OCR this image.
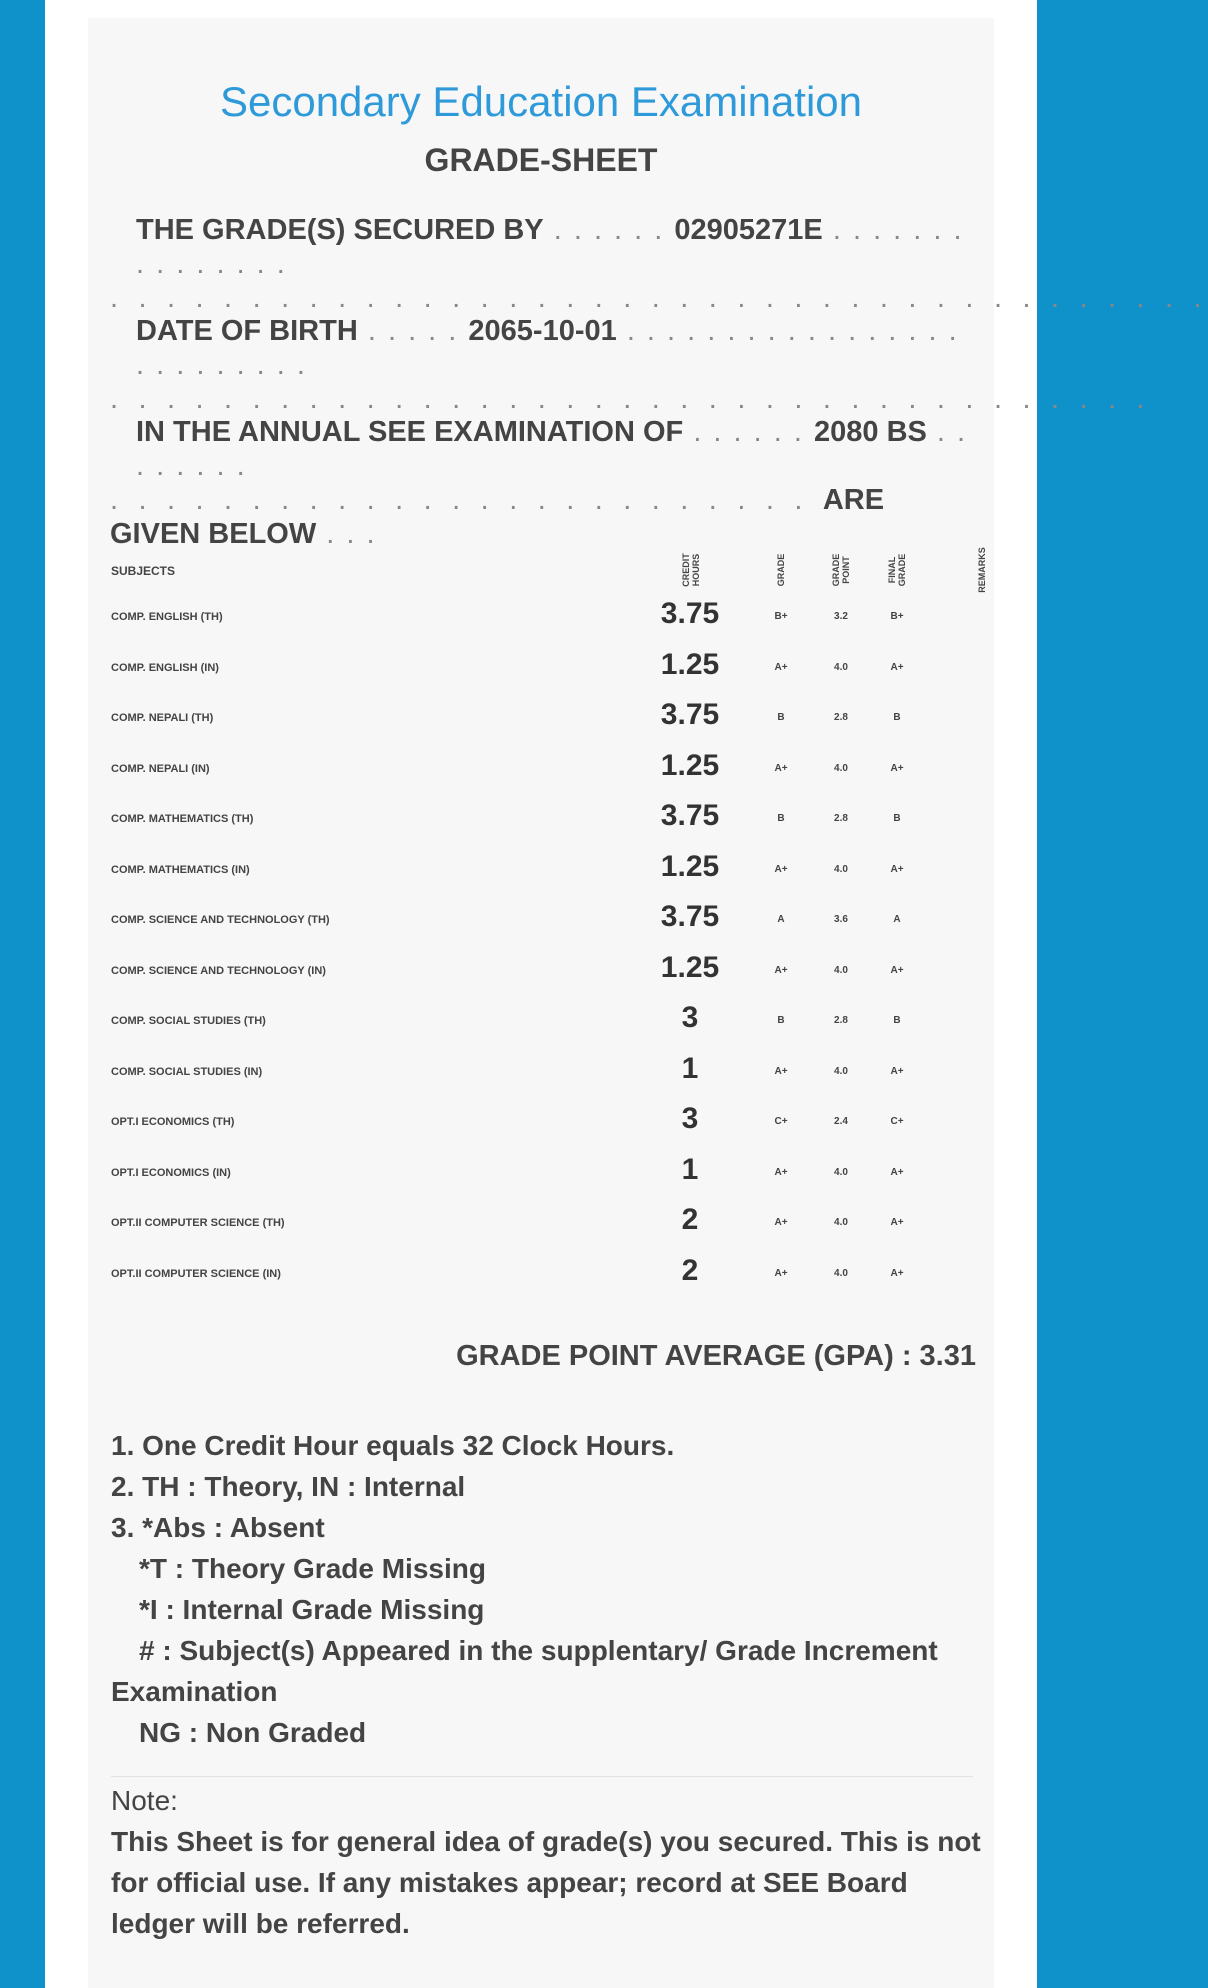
Secondary Education Examination
GRADE-SHEET
THE GRADE(S) SECURED BY . . . . . . 02905271E . . . . . . . . . . . . . . .
. . . . . . . . . . . . . . . . . . . . . . . . . . . . . . . . . . . . . . .
DATE OF BIRTH . . . . . 2065-10-01 . . . . . . . . . . . . . . . . . . . . . . . . . .
. . . . . . . . . . . . . . . . . . . . . . . . . . . . . . . . . . . . .
IN THE ANNUAL SEE EXAMINATION OF . . . . . . 2080 BS . . . . . . . .
. . . . . . . . . . . . . . . . . . . . . . . . . ARE GIVEN BELOW . . .
SUBJECTS	CREDIT HOURS	GRADE	GRADE POINT	FINAL GRADE	REMARKS
COMP. ENGLISH (TH)	3.75	B+	3.2	B+
COMP. ENGLISH (IN)	1.25	A+	4.0	A+
COMP. NEPALI (TH)	3.75	B	2.8	B
COMP. NEPALI (IN)	1.25	A+	4.0	A+
COMP. MATHEMATICS (TH)	3.75	B	2.8	B
COMP. MATHEMATICS (IN)	1.25	A+	4.0	A+
COMP. SCIENCE AND TECHNOLOGY (TH)	3.75	A	3.6	A
COMP. SCIENCE AND TECHNOLOGY (IN)	1.25	A+	4.0	A+
COMP. SOCIAL STUDIES (TH)	3	B	2.8	B
COMP. SOCIAL STUDIES (IN)	1	A+	4.0	A+
OPT.I ECONOMICS (TH)	3	C+	2.4	C+
OPT.I ECONOMICS (IN)	1	A+	4.0	A+
OPT.II COMPUTER SCIENCE (TH)	2	A+	4.0	A+
OPT.II COMPUTER SCIENCE (IN)	2	A+	4.0	A+
GRADE POINT AVERAGE (GPA) : 3.31
1. One Credit Hour equals 32 Clock Hours.
2. TH : Theory, IN : Internal
3. *Abs : Absent
*T : Theory Grade Missing
*I : Internal Grade Missing
# : Subject(s) Appeared in the supplentary/ Grade Increment
Examination
NG : Non Graded
Note:
This Sheet is for general idea of grade(s) you secured. This is not for official use. If any mistakes appear; record at SEE Board ledger will be referred.
